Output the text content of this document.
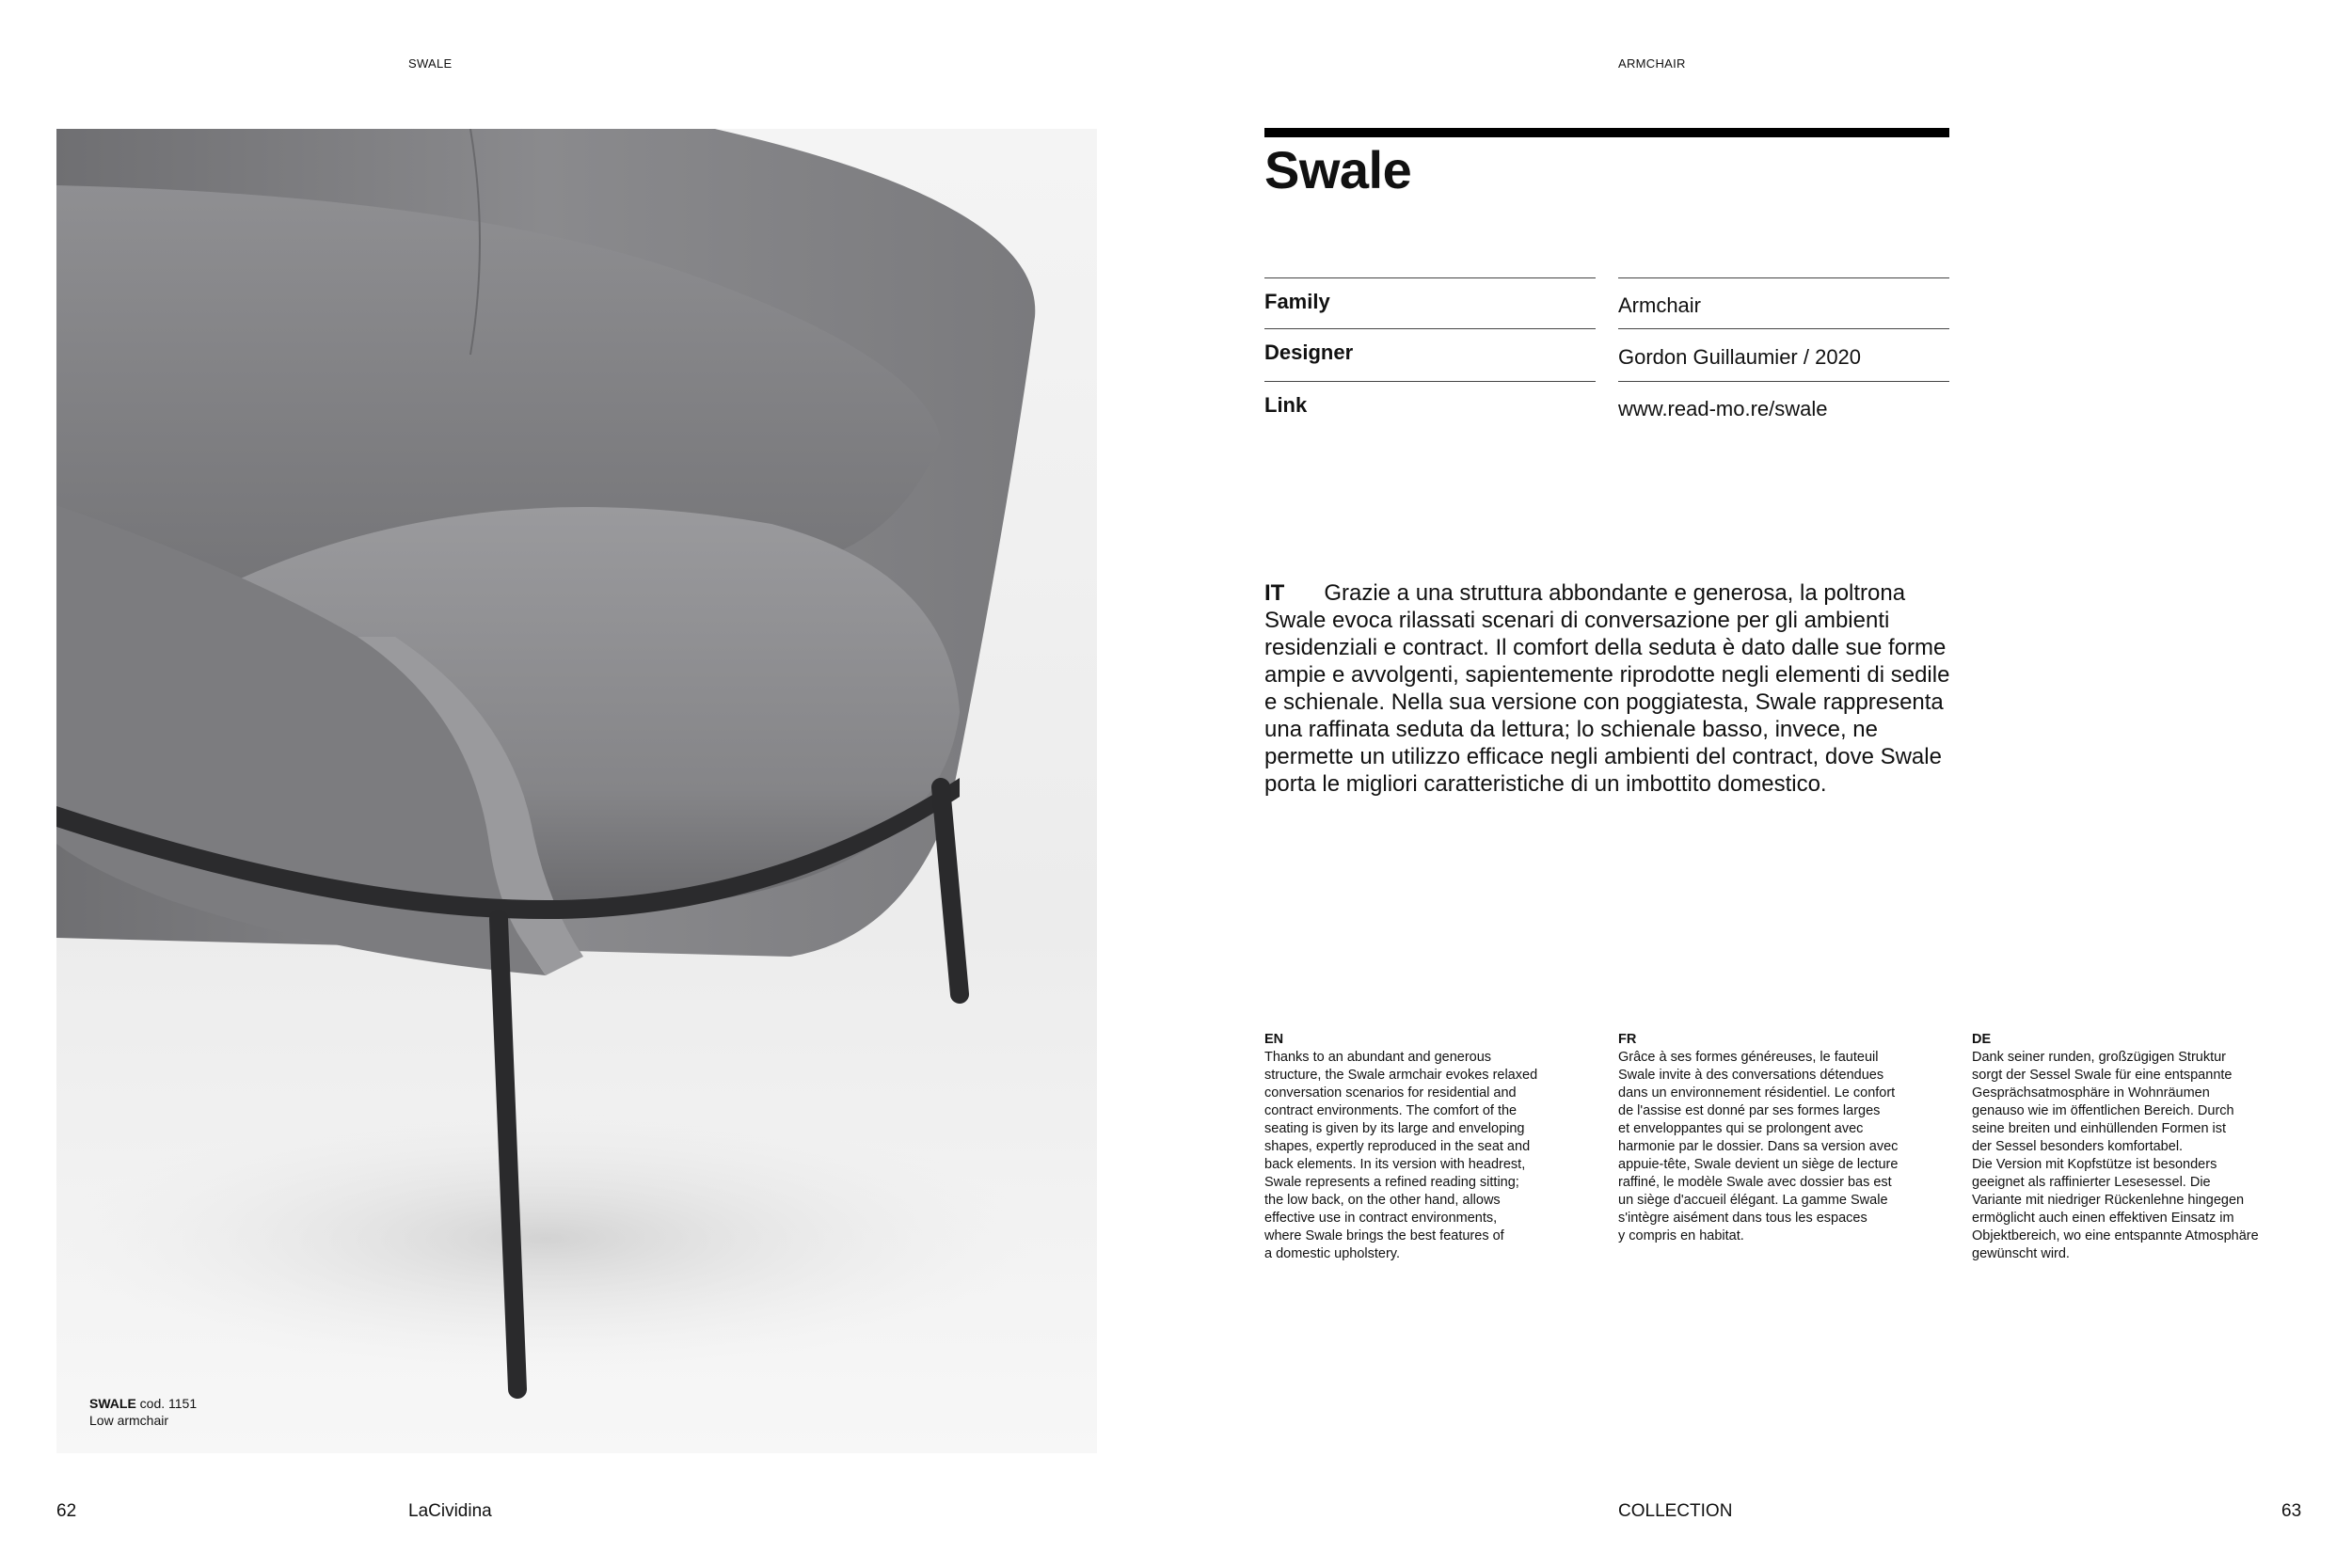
SWALE	ARMCHAIR
SWALE cod. 1151
Low armchair
Swale
Family	Armchair
Designer	Gordon Guillaumier / 2020
Link	www.read-mo.re/swale
IT Grazie a una struttura abbondante e generosa, la poltrona Swale evoca rilassati scenari di conversazione per gli ambienti residenziali e contract. Il comfort della seduta è dato dalle sue forme ampie e avvolgenti, sapientemente riprodotte negli elementi di sedile e schienale. Nella sua versione con poggiatesta, Swale rappresenta una raffinata seduta da lettura; lo schienale basso, invece, ne permette un utilizzo efficace negli ambienti del contract, dove Swale porta le migliori caratteristiche di un imbottito domestico.
EN
Thanks to an abundant and generous
structure, the Swale armchair evokes relaxed
conversation scenarios for residential and
contract environments. The comfort of the
seating is given by its large and enveloping
shapes, expertly reproduced in the seat and
back elements. In its version with headrest,
Swale represents a refined reading sitting;
the low back, on the other hand, allows
effective use in contract environments,
where Swale brings the best features of
a domestic upholstery.
FR
Grâce à ses formes généreuses, le fauteuil
Swale invite à des conversations détendues
dans un environnement résidentiel. Le confort
de l'assise est donné par ses formes larges
et enveloppantes qui se prolongent avec
harmonie par le dossier. Dans sa version avec
appuie-tête, Swale devient un siège de lecture
raffiné, le modèle Swale avec dossier bas est
un siège d'accueil élégant. La gamme Swale
s'intègre aisément dans tous les espaces
y compris en habitat.
DE
Dank seiner runden, großzügigen Struktur
sorgt der Sessel Swale für eine entspannte
Gesprächsatmosphäre in Wohnräumen
genauso wie im öffentlichen Bereich. Durch
seine breiten und einhüllenden Formen ist
der Sessel besonders komfortabel.
Die Version mit Kopfstütze ist besonders
geeignet als raffinierter Lesesessel. Die
Variante mit niedriger Rückenlehne hingegen
ermöglicht auch einen effektiven Einsatz im
Objektbereich, wo eine entspannte Atmosphäre
gewünscht wird.
62	LaCividina	COLLECTION	63
